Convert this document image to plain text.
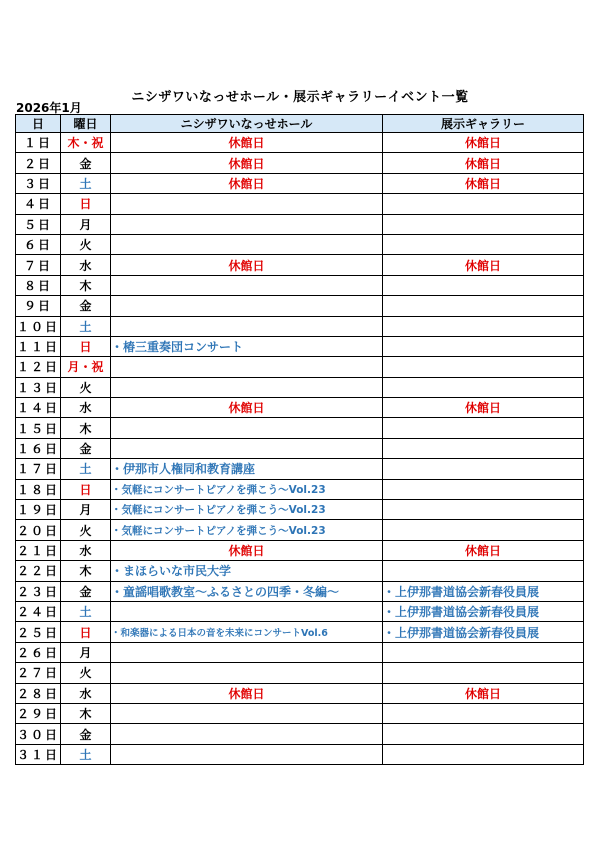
ニシザワいなっせホール・展示ギャラリーイベント一覧
2026年1月
日	曜日	ニシザワいなっせホール	展示ギャラリー
１日	木・祝	休館日	休館日
２日	金	休館日	休館日
３日	土	休館日	休館日
４日	日		
５日	月		
６日	火		
７日	水	休館日	休館日
８日	木		
９日	金		
１０日	土		
１１日	日	・椿三重奏団コンサート	
１２日	月・祝		
１３日	火		
１４日	水	休館日	休館日
１５日	木		
１６日	金		
１７日	土	・伊那市人権同和教育講座	
１８日	日	・気軽にコンサートピアノを弾こう～Vol.23	
１９日	月	・気軽にコンサートピアノを弾こう～Vol.23	
２０日	火	・気軽にコンサートピアノを弾こう～Vol.23	
２１日	水	休館日	休館日
２２日	木	・まほらいな市民大学	
２３日	金	・童謡唱歌教室～ふるさとの四季・冬編～	・上伊那書道協会新春役員展
２４日	土		・上伊那書道協会新春役員展
２５日	日	・和楽器による日本の音を未来にコンサートVol.6	・上伊那書道協会新春役員展
２６日	月		
２７日	火		
２８日	水	休館日	休館日
２９日	木		
３０日	金		
３１日	土		
